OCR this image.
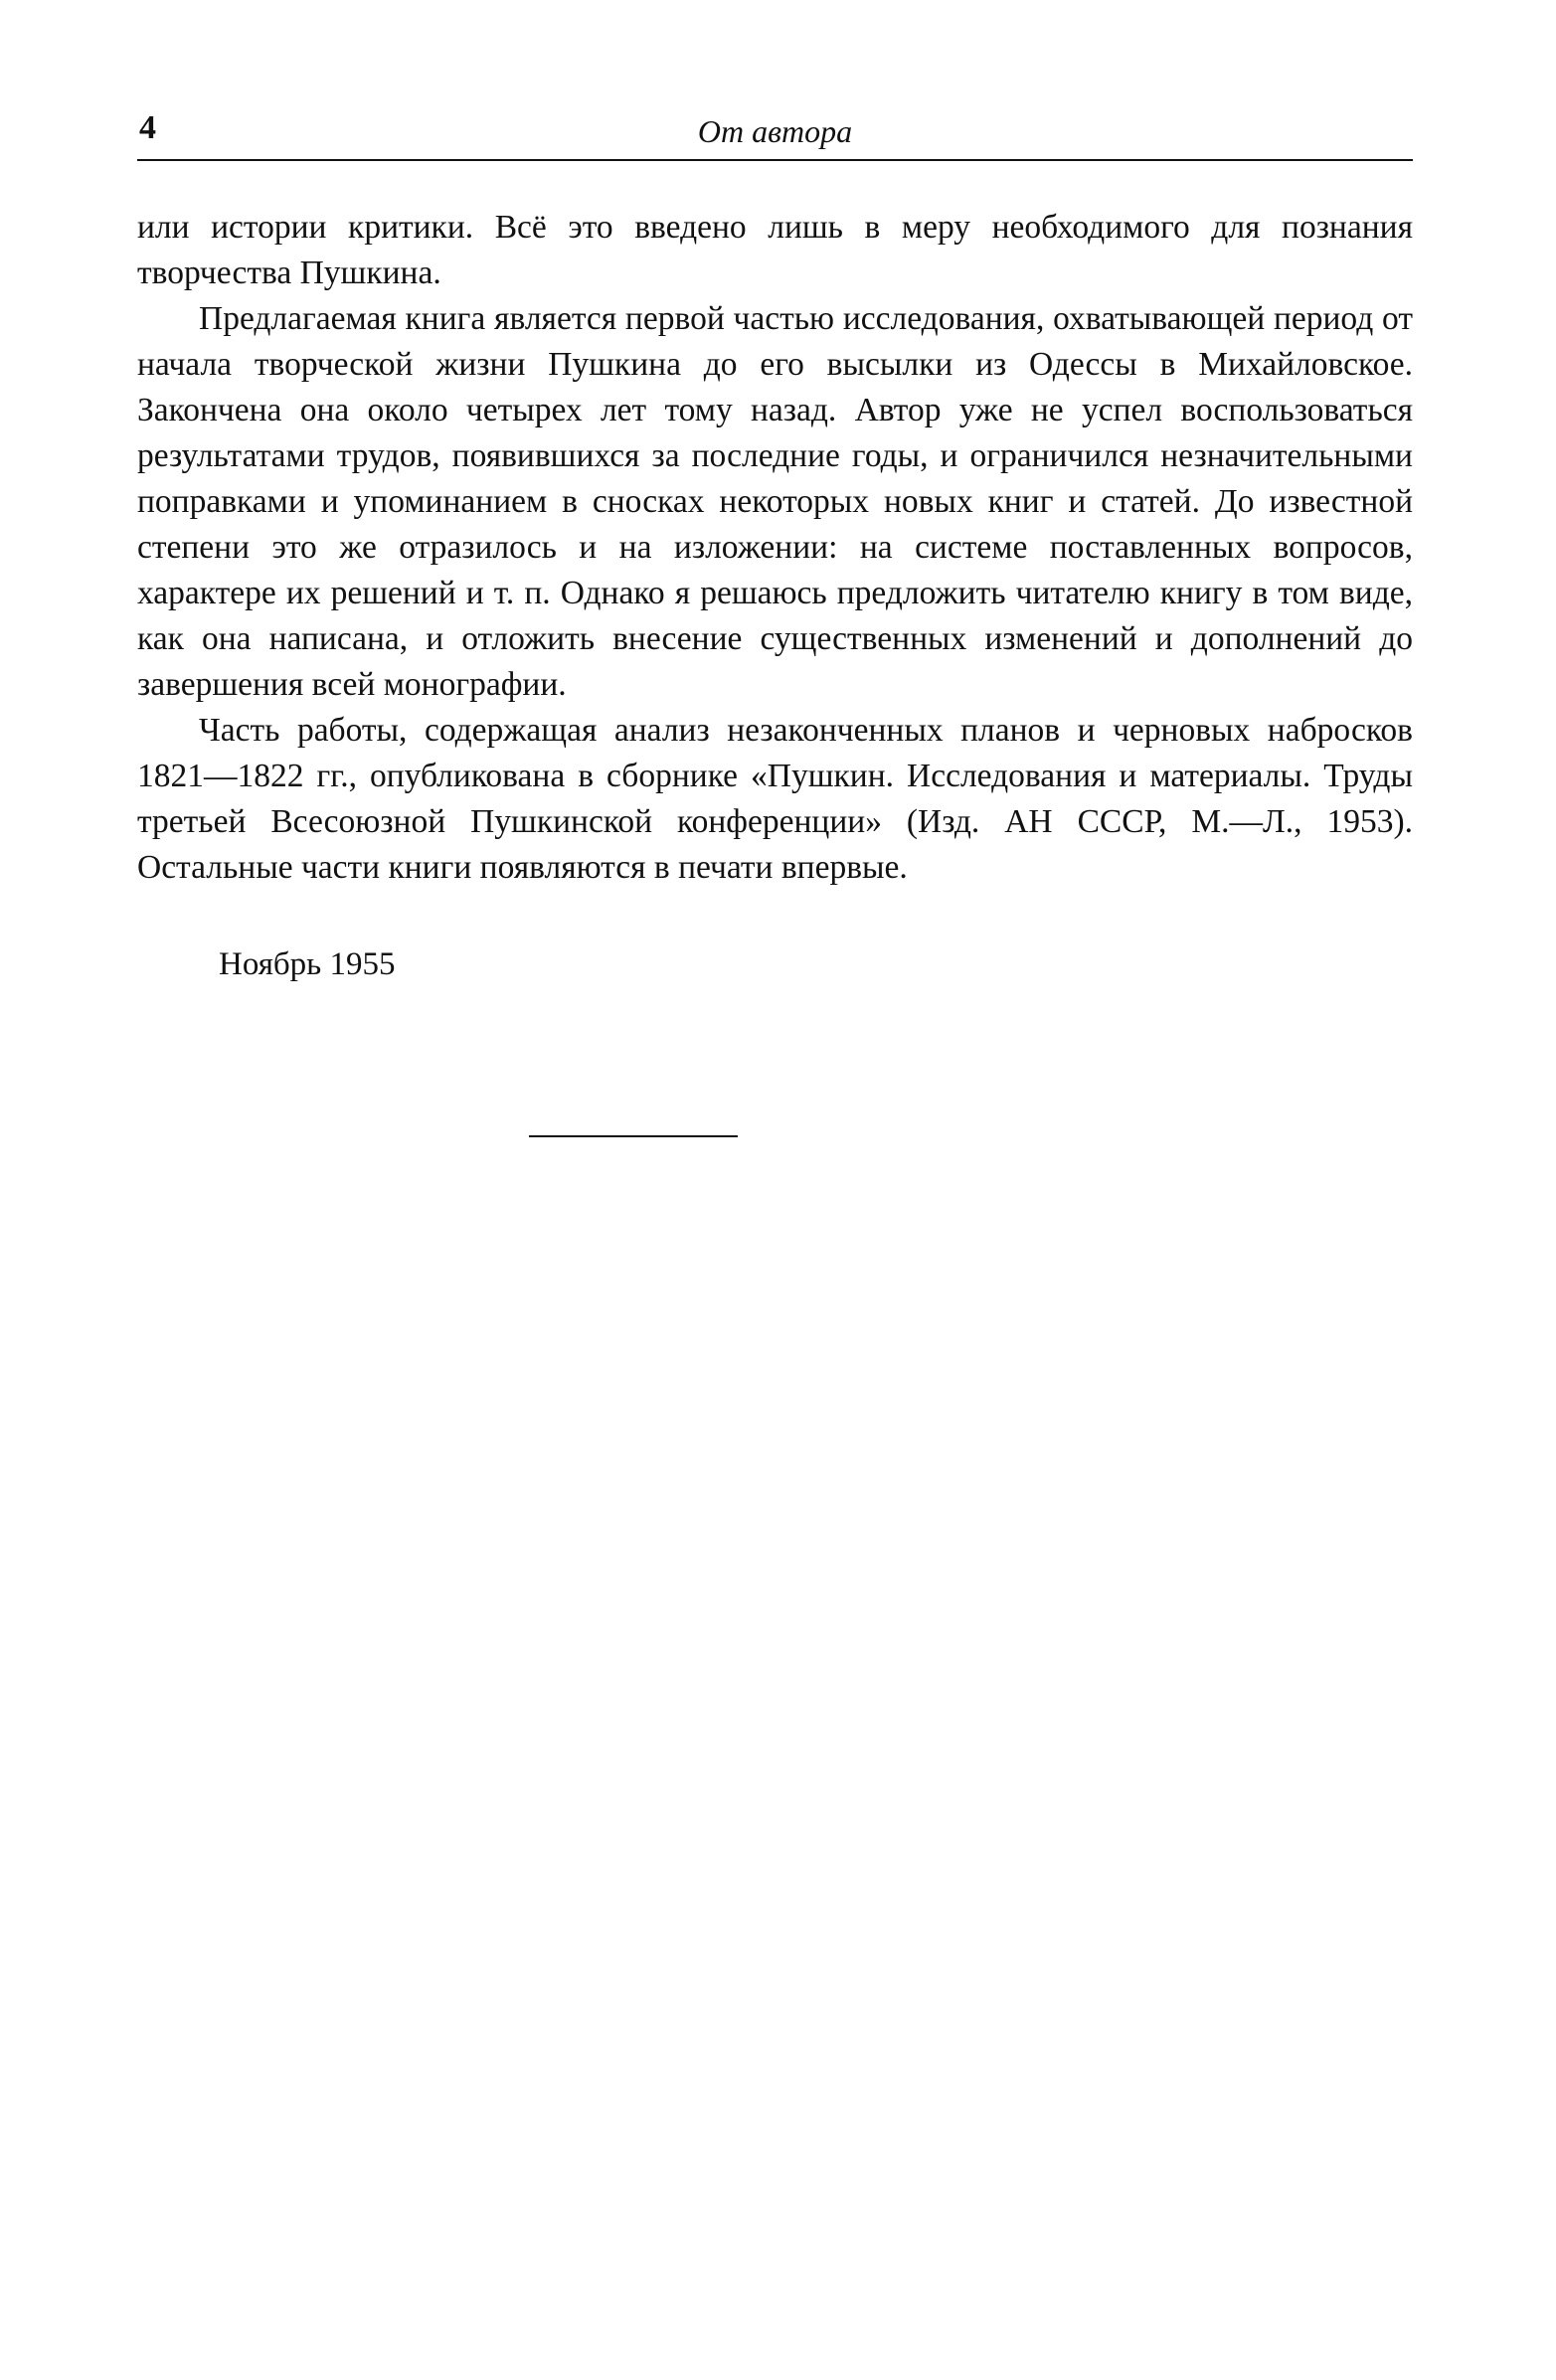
4	От автора

или истории критики. Всё это введено лишь в меру необходимого для познания творчества Пушкина.

Предлагаемая книга является первой частью исследования, охватывающей период от начала творческой жизни Пушкина до его высылки из Одессы в Михайловское. Закончена она около четырех лет тому назад. Автор уже не успел воспользоваться результатами трудов, появившихся за последние годы, и ограничился незначительными поправками и упоминанием в сносках некоторых новых книг и статей. До известной степени это же отразилось и на изложении: на системе поставленных вопросов, характере их решений и т. п. Однако я решаюсь предложить читателю книгу в том виде, как она написана, и отложить внесение существенных изменений и дополнений до завершения всей монографии.

Часть работы, содержащая анализ незаконченных планов и черновых набросков 1821—1822 гг., опубликована в сборнике «Пушкин. Исследования и материалы. Труды третьей Всесоюзной Пушкинской конференции» (Изд. АН СССР, М.—Л., 1953). Остальные части книги появляются в печати впервые.

Ноябрь 1955
